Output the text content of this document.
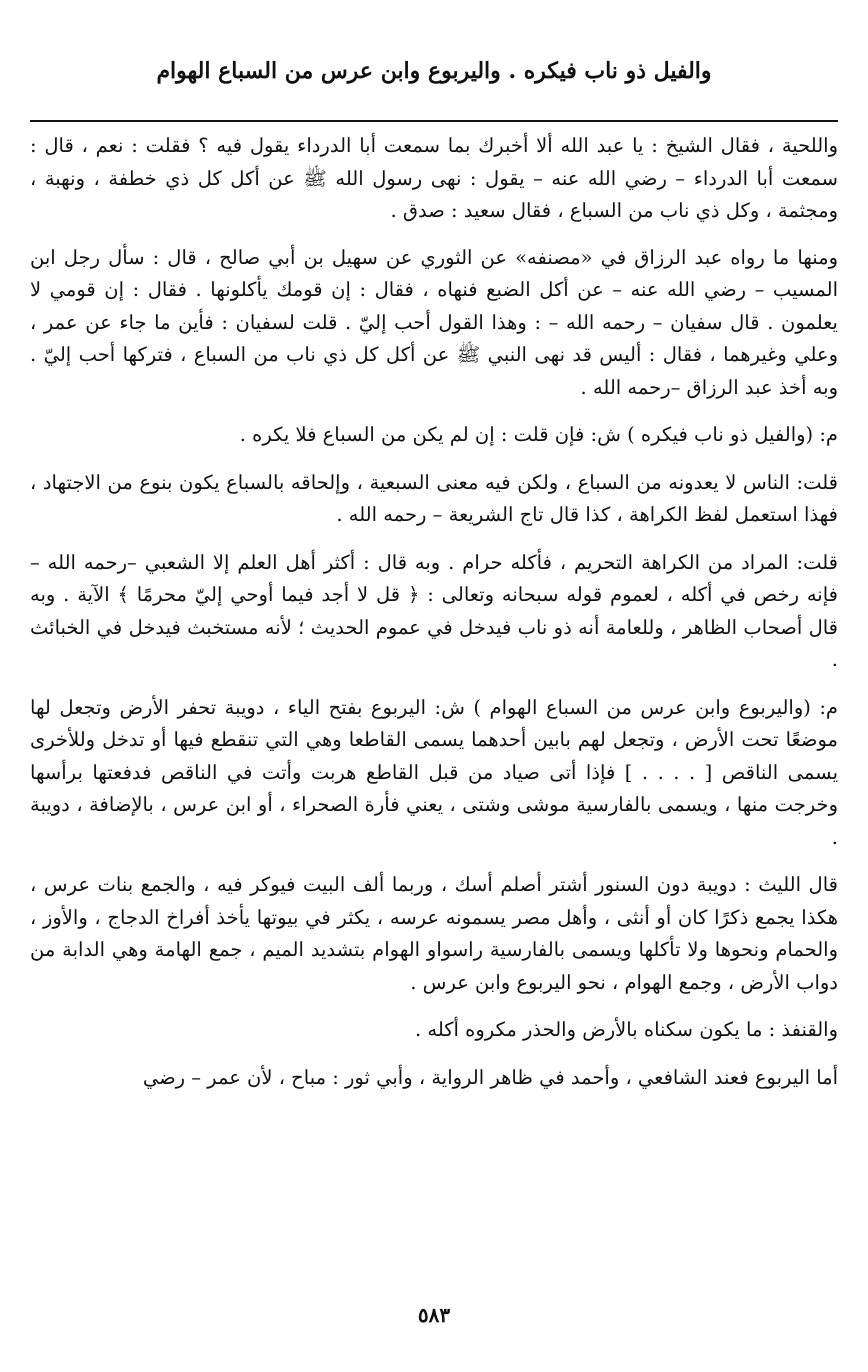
والفيل ذو ناب فيكره . واليربوع وابن عرس من السباع الهوام

واللحية ، فقال الشيخ : يا عبد الله ألا أخبرك بما سمعت أبا الدرداء يقول فيه ؟ فقلت : نعم ، قال : سمعت أبا الدرداء – رضي الله عنه – يقول : نهى رسول الله ﷺ عن أكل كل ذي خطفة ، ونهبة ، ومجثمة ، وكل ذي ناب من السباع ، فقال سعيد : صدق .

ومنها ما رواه عبد الرزاق في «مصنفه» عن الثوري عن سهيل بن أبي صالح ، قال : سأل رجل ابن المسيب – رضي الله عنه – عن أكل الضبع فنهاه ، فقال : إن قومك يأكلونها . فقال : إن قومي لا يعلمون . قال سفيان – رحمه الله – : وهذا القول أحب إليّ . قلت لسفيان : فأين ما جاء عن عمر ، وعلي وغيرهما ، فقال : أليس قد نهى النبي ﷺ عن أكل كل ذي ناب من السباع ، فتركها أحب إليّ . وبه أخذ عبد الرزاق –رحمه الله .

م: (والفيل ذو ناب فيكره ) ش: فإن قلت : إن لم يكن من السباع فلا يكره .

قلت: الناس لا يعدونه من السباع ، ولكن فيه معنى السبعية ، وإلحاقه بالسباع يكون بنوع من الاجتهاد ، فهذا استعمل لفظ الكراهة ، كذا قال تاج الشريعة – رحمه الله .

قلت: المراد من الكراهة التحريم ، فأكله حرام . وبه قال : أكثر أهل العلم إلا الشعبي –رحمه الله – فإنه رخص في أكله ، لعموم قوله سبحانه وتعالى : ﴿ قل لا أجد فيما أوحي إليّ محرمًا ﴾ الآية . وبه قال أصحاب الظاهر ، وللعامة أنه ذو ناب فيدخل في عموم الحديث ؛ لأنه مستخبث فيدخل في الخبائث .

م: (واليربوع وابن عرس من السباع الهوام ) ش: اليربوع بفتح الياء ، دويبة تحفر الأرض وتجعل لها موضعًا تحت الأرض ، وتجعل لهم بابين أحدهما يسمى القاطعا وهي التي تنقطع فيها أو تدخل وللأخرى يسمى الناقص [ . . . . ] فإذا أتى صياد من قبل القاطع هربت وأتت في الناقص فدفعتها برأسها وخرجت منها ، ويسمى بالفارسية موشى وشتى ، يعني فأرة الصحراء ، أو ابن عرس ، بالإضافة ، دويبة .

قال الليث : دويبة دون السنور أشتر أصلم أسك ، وربما ألف البيت فيوكر فيه ، والجمع بنات عرس ، هكذا يجمع ذكرًا كان أو أنثى ، وأهل مصر يسمونه عرسه ، يكثر في بيوتها يأخذ أفراخ الدجاج ، والأوز ، والحمام ونحوها ولا تأكلها ويسمى بالفارسية راسواو الهوام بتشديد الميم ، جمع الهامة وهي الدابة من دواب الأرض ، وجمع الهوام ، نحو اليربوع وابن عرس .

والقنفذ : ما يكون سكناه بالأرض والحذر مكروه أكله .

أما اليربوع فعند الشافعي ، وأحمد في ظاهر الرواية ، وأبي ثور : مباح ، لأن عمر – رضي

٥٨٣
